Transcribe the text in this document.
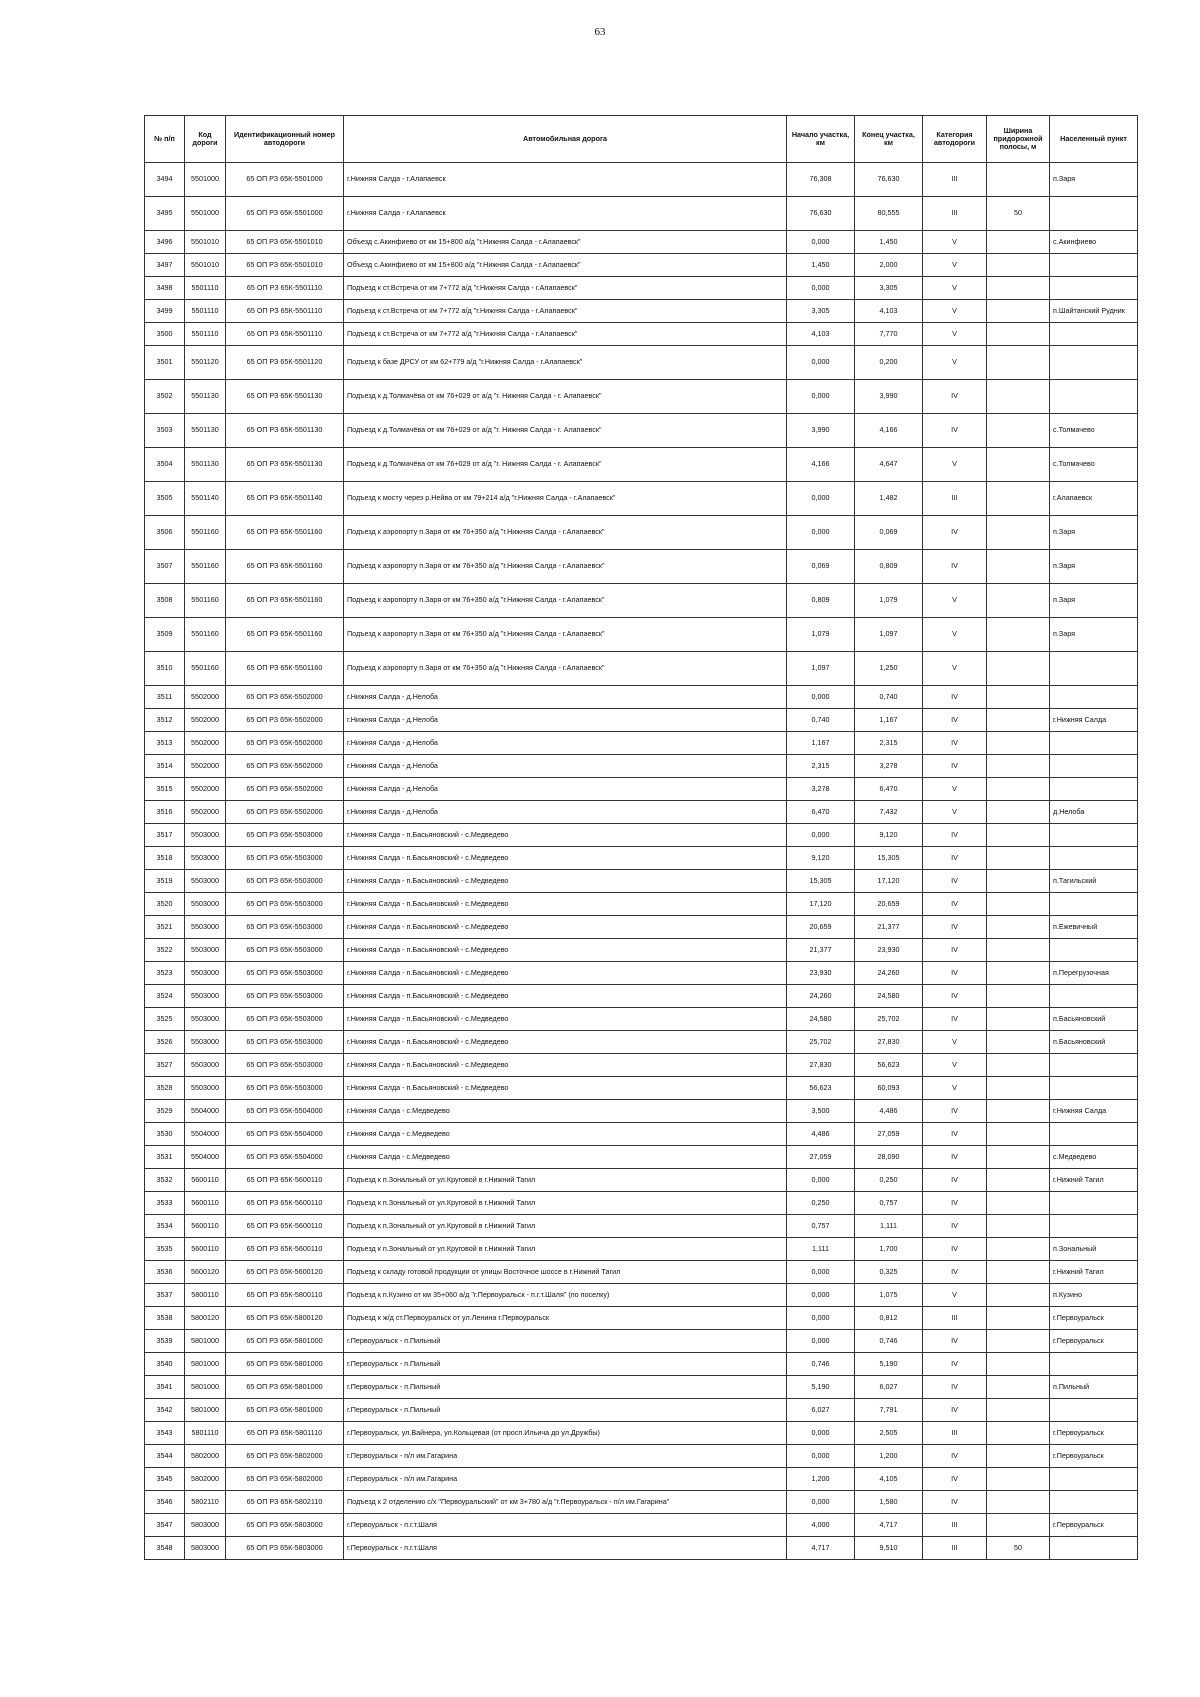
63
№ п/п	Код дороги	Идентификационный номер автодороги	Автомобильная дорога	Начало участка, км	Конец участка, км	Категория автодороги	Ширина придорожной полосы, м	Населенный пункт
3494	5501000	65 ОП РЗ 65К-5501000	г.Нижняя Салда - г.Алапаевск	76,308	76,630	III		п.Заря
3495	5501000	65 ОП РЗ 65К-5501000	г.Нижняя Салда - г.Алапаевск	76,630	80,555	III	50	
3496	5501010	65 ОП РЗ 65К-5501010	Объезд с.Акинфиево от км 15+800 а/д "г.Нижняя Салда - г.Алапаевск"	0,000	1,450	V		с.Акинфиево
3497	5501010	65 ОП РЗ 65К-5501010	Объезд с.Акинфиево от км 15+800 а/д "г.Нижняя Салда - г.Алапаевск"	1,450	2,000	V		
3498	5501110	65 ОП РЗ 65К-5501110	Подъезд к ст.Встреча от км 7+772 а/д "г.Нижняя Салда - г.Алапаевск"	0,000	3,305	V		
3499	5501110	65 ОП РЗ 65К-5501110	Подъезд к ст.Встреча от км 7+772 а/д "г.Нижняя Салда - г.Алапаевск"	3,305	4,103	V		п.Шайтанский Рудник
3500	5501110	65 ОП РЗ 65К-5501110	Подъезд к ст.Встреча от км 7+772 а/д "г.Нижняя Салда - г.Алапаевск"	4,103	7,770	V		
3501	5501120	65 ОП РЗ 65К-5501120	Подъезд к базе ДРСУ от км 62+779 а/д "г.Нижняя Салда - г.Алапаевск"	0,000	0,200	V		
3502	5501130	65 ОП РЗ 65К-5501130	Подъезд к д.Толмачёва от км 76+029 от а/д "г. Нижняя Салда - г. Алапаевск"	0,000	3,990	IV		
3503	5501130	65 ОП РЗ 65К-5501130	Подъезд к д.Толмачёва от км 76+029 от а/д "г. Нижняя Салда - г. Алапаевск"	3,990	4,166	IV		с.Толмачево
3504	5501130	65 ОП РЗ 65К-5501130	Подъезд к д.Толмачёва от км 76+029 от а/д "г. Нижняя Салда - г. Алапаевск"	4,166	4,647	V		с.Толмачево
3505	5501140	65 ОП РЗ 65К-5501140	Подъезд к мосту через р.Нейва от км 79+214 а/д "г.Нижняя Салда - г.Алапаевск"	0,000	1,482	III		г.Алапаевск
3506	5501160	65 ОП РЗ 65К-5501160	Подъезд к аэропорту п.Заря от км 76+350 а/д "г.Нижняя Салда - г.Алапаевск"	0,000	0,069	IV		п.Заря
3507	5501160	65 ОП РЗ 65К-5501160	Подъезд к аэропорту п.Заря от км 76+350 а/д "г.Нижняя Салда - г.Алапаевск"	0,069	0,809	IV		п.Заря
3508	5501160	65 ОП РЗ 65К-5501160	Подъезд к аэропорту п.Заря от км 76+350 а/д "г.Нижняя Салда - г.Алапаевск"	0,809	1,079	V		п.Заря
3509	5501160	65 ОП РЗ 65К-5501160	Подъезд к аэропорту п.Заря от км 76+350 а/д "г.Нижняя Салда - г.Алапаевск"	1,079	1,097	V		п.Заря
3510	5501160	65 ОП РЗ 65К-5501160	Подъезд к аэропорту п.Заря от км 76+350 а/д "г.Нижняя Салда - г.Алапаевск"	1,097	1,250	V		
3511	5502000	65 ОП РЗ 65К-5502000	г.Нижняя Салда - д.Нелоба	0,000	0,740	IV		
3512	5502000	65 ОП РЗ 65К-5502000	г.Нижняя Салда - д.Нелоба	0,740	1,167	IV		г.Нижняя Салда
3513	5502000	65 ОП РЗ 65К-5502000	г.Нижняя Салда - д.Нелоба	1,167	2,315	IV		
3514	5502000	65 ОП РЗ 65К-5502000	г.Нижняя Салда - д.Нелоба	2,315	3,278	IV		
3515	5502000	65 ОП РЗ 65К-5502000	г.Нижняя Салда - д.Нелоба	3,278	6,470	V		
3516	5502000	65 ОП РЗ 65К-5502000	г.Нижняя Салда - д.Нелоба	6,470	7,432	V		д.Нелоба
3517	5503000	65 ОП РЗ 65К-5503000	г.Нижняя Салда - п.Басьяновский - с.Медведево	0,000	9,120	IV		
3518	5503000	65 ОП РЗ 65К-5503000	г.Нижняя Салда - п.Басьяновский - с.Медведево	9,120	15,305	IV		
3519	5503000	65 ОП РЗ 65К-5503000	г.Нижняя Салда - п.Басьяновский - с.Медведево	15,305	17,120	IV		п.Тагильский
3520	5503000	65 ОП РЗ 65К-5503000	г.Нижняя Салда - п.Басьяновский - с.Медведево	17,120	20,659	IV		
3521	5503000	65 ОП РЗ 65К-5503000	г.Нижняя Салда - п.Басьяновский - с.Медведево	20,659	21,377	IV		п.Ежевичный
3522	5503000	65 ОП РЗ 65К-5503000	г.Нижняя Салда - п.Басьяновский - с.Медведево	21,377	23,930	IV		
3523	5503000	65 ОП РЗ 65К-5503000	г.Нижняя Салда - п.Басьяновский - с.Медведево	23,930	24,260	IV		п.Перегрузочная
3524	5503000	65 ОП РЗ 65К-5503000	г.Нижняя Салда - п.Басьяновский - с.Медведево	24,260	24,580	IV		
3525	5503000	65 ОП РЗ 65К-5503000	г.Нижняя Салда - п.Басьяновский - с.Медведево	24,580	25,702	IV		п.Басьяновский
3526	5503000	65 ОП РЗ 65К-5503000	г.Нижняя Салда - п.Басьяновский - с.Медведево	25,702	27,830	V		п.Басьяновский
3527	5503000	65 ОП РЗ 65К-5503000	г.Нижняя Салда - п.Басьяновский - с.Медведево	27,830	56,623	V		
3528	5503000	65 ОП РЗ 65К-5503000	г.Нижняя Салда - п.Басьяновский - с.Медведево	56,623	60,093	V		
3529	5504000	65 ОП РЗ 65К-5504000	г.Нижняя Салда - с.Медведево	3,500	4,486	IV		г.Нижняя Салда
3530	5504000	65 ОП РЗ 65К-5504000	г.Нижняя Салда - с.Медведево	4,486	27,059	IV		
3531	5504000	65 ОП РЗ 65К-5504000	г.Нижняя Салда - с.Медведево	27,059	28,090	IV		с.Медведево
3532	5600110	65 ОП РЗ 65К-5600110	Подъезд к п.Зональный от ул.Круговой в г.Нижний Тагил	0,000	0,250	IV		г.Нижний Тагил
3533	5600110	65 ОП РЗ 65К-5600110	Подъезд к п.Зональный от ул.Круговой в г.Нижний Тагил	0,250	0,757	IV		
3534	5600110	65 ОП РЗ 65К-5600110	Подъезд к п.Зональный от ул.Круговой в г.Нижний Тагил	0,757	1,111	IV		
3535	5600110	65 ОП РЗ 65К-5600110	Подъезд к п.Зональный от ул.Круговой в г.Нижний Тагил	1,111	1,700	IV		п.Зональный
3536	5600120	65 ОП РЗ 65К-5600120	Подъезд к складу готовой продукции от улицы Восточное шоссе в г.Нижний Тагил	0,000	0,325	IV		г.Нижний Тагил
3537	5800110	65 ОП РЗ 65К-5800110	Подъезд к п.Кузино от км 35+060 а/д "г.Первоуральск - п.г.т.Шаля" (по поселку)	0,000	1,075	V		п.Кузино
3538	5800120	65 ОП РЗ 65К-5800120	Подъезд к ж/д ст.Первоуральск от ул.Ленина г.Первоуральск	0,000	0,812	III		г.Первоуральск
3539	5801000	65 ОП РЗ 65К-5801000	г.Первоуральск - п.Пильный	0,000	0,746	IV		г.Первоуральск
3540	5801000	65 ОП РЗ 65К-5801000	г.Первоуральск - п.Пильный	0,746	5,190	IV		
3541	5801000	65 ОП РЗ 65К-5801000	г.Первоуральск - п.Пильный	5,190	6,027	IV		п.Пильный
3542	5801000	65 ОП РЗ 65К-5801000	г.Первоуральск - п.Пильный	6,027	7,791	IV		
3543	5801110	65 ОП РЗ 65К-5801110	г.Первоуральск, ул.Вайнера, ул.Кольцевая (от просп.Ильича до ул.Дружбы)	0,000	2,505	III		г.Первоуральск
3544	5802000	65 ОП РЗ 65К-5802000	г.Первоуральск - п/л им.Гагарина	0,000	1,200	IV		г.Первоуральск
3545	5802000	65 ОП РЗ 65К-5802000	г.Первоуральск - п/л им.Гагарина	1,200	4,105	IV		
3546	5802110	65 ОП РЗ 65К-5802110	Подъезд к 2 отделению с/х "Первоуральский" от км 3+780 а/д "г.Первоуральск - п/л им.Гагарина"	0,000	1,580	IV		
3547	5803000	65 ОП РЗ 65К-5803000	г.Первоуральск - п.г.т.Шаля	4,000	4,717	III		г.Первоуральск
3548	5803000	65 ОП РЗ 65К-5803000	г.Первоуральск - п.г.т.Шаля	4,717	9,510	III	50	
